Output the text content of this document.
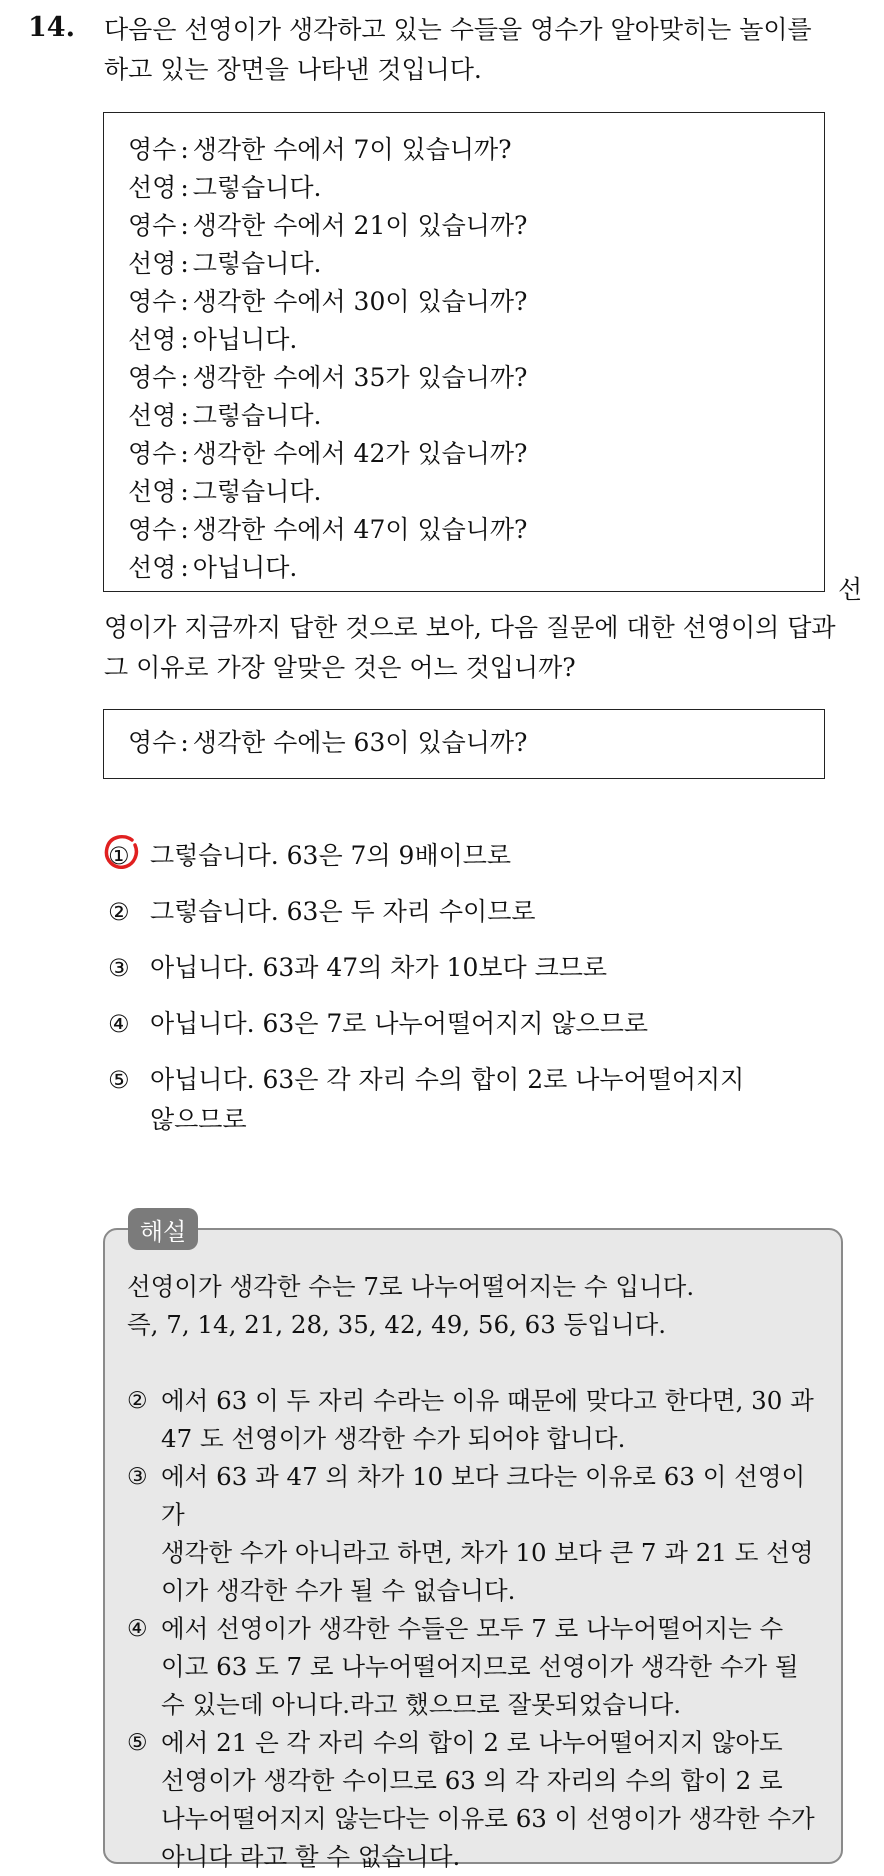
14. 다음은 선영이가 생각하고 있는 수들을 영수가 알아맞히는 놀이를
하고 있는 장면을 나타낸 것입니다.
영수 : 생각한 수에서 7이 있습니까?
선영 : 그렇습니다.
영수 : 생각한 수에서 21이 있습니까?
선영 : 그렇습니다.
영수 : 생각한 수에서 30이 있습니까?
선영 : 아닙니다.
영수 : 생각한 수에서 35가 있습니까?
선영 : 그렇습니다.
영수 : 생각한 수에서 42가 있습니까?
선영 : 그렇습니다.
영수 : 생각한 수에서 47이 있습니까?
선영 : 아닙니다.
선
영이가 지금까지 답한 것으로 보아, 다음 질문에 대한 선영이의 답과
그 이유로 가장 알맞은 것은 어느 것입니까?
영수 : 생각한 수에는 63이 있습니까?
① 그렇습니다. 63은 7의 9배이므로
② 그렇습니다. 63은 두 자리 수이므로
③ 아닙니다. 63과 47의 차가 10보다 크므로
④ 아닙니다. 63은 7로 나누어떨어지지 않으므로
⑤ 아닙니다. 63은 각 자리 수의 합이 2로 나누어떨어지지
않으므로
해설
선영이가 생각한 수는 7로 나누어떨어지는 수 입니다.
즉, 7, 14, 21, 28, 35, 42, 49, 56, 63 등입니다.
② 에서 63 이 두 자리 수라는 이유 때문에 맞다고 한다면, 30 과
47 도 선영이가 생각한 수가 되어야 합니다.
③ 에서 63 과 47 의 차가 10 보다 크다는 이유로 63 이 선영이가
생각한 수가 아니라고 하면, 차가 10 보다 큰 7 과 21 도 선영
이가 생각한 수가 될 수 없습니다.
④ 에서 선영이가 생각한 수들은 모두 7 로 나누어떨어지는 수
이고 63 도 7 로 나누어떨어지므로 선영이가 생각한 수가 될
수 있는데 아니다.라고 했으므로 잘못되었습니다.
⑤ 에서 21 은 각 자리 수의 합이 2 로 나누어떨어지지 않아도
선영이가 생각한 수이므로 63 의 각 자리의 수의 합이 2 로
나누어떨어지지 않는다는 이유로 63 이 선영이가 생각한 수가
아니다 라고 할 수 없습니다.
